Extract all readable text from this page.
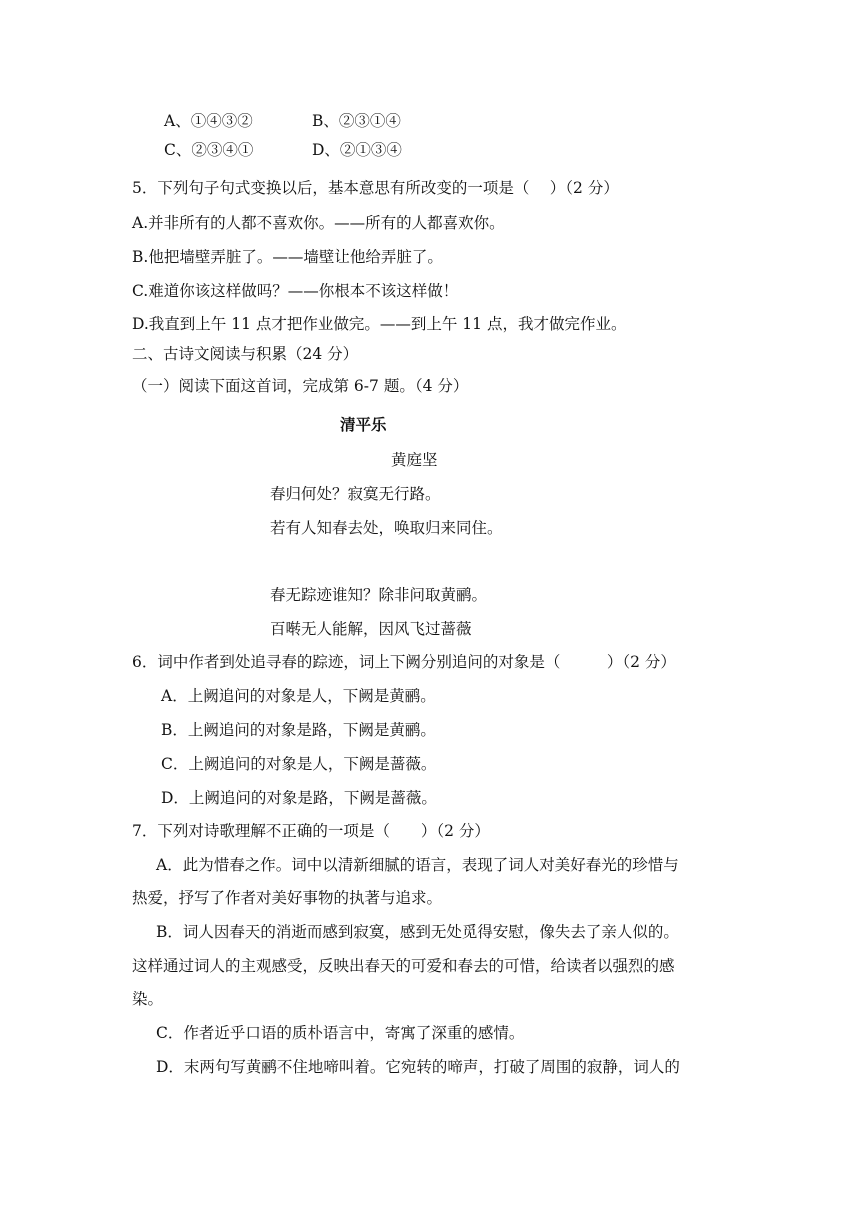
A、①④③②	B、②③①④
C、②③④①	D、②①③④
5．下列句子句式变换以后，基本意思有所改变的一项是（　 ）（2 分）
A.并非所有的人都不喜欢你。——所有的人都喜欢你。
B.他把墙壁弄脏了。——墙壁让他给弄脏了。
C.难道你该这样做吗？——你根本不该这样做！
D.我直到上午 11 点才把作业做完。——到上午 11 点，我才做完作业。
二、古诗文阅读与积累（24 分）
（一）阅读下面这首词，完成第 6-7 题。（4 分）
清平乐
黄庭坚
春归何处？寂寞无行路。
若有人知春去处，唤取归来同住。
春无踪迹谁知？除非问取黄鹂。
百啭无人能解，因风飞过蔷薇
6．词中作者到处追寻春的踪迹，词上下阙分别追问的对象是（　　　）（2 分）
A．上阙追问的对象是人，下阙是黄鹂。
B．上阙追问的对象是路，下阙是黄鹂。
C．上阙追问的对象是人，下阙是蔷薇。
D．上阙追问的对象是路，下阙是蔷薇。
7．下列对诗歌理解不正确的一项是（　　）（2 分）
A．此为惜春之作。词中以清新细腻的语言，表现了词人对美好春光的珍惜与
热爱，抒写了作者对美好事物的执著与追求。
B．词人因春天的消逝而感到寂寞，感到无处觅得安慰，像失去了亲人似的。
这样通过词人的主观感受，反映出春天的可爱和春去的可惜，给读者以强烈的感
染。
C．作者近乎口语的质朴语言中，寄寓了深重的感情。
D．末两句写黄鹂不住地啼叫着。它宛转的啼声，打破了周围的寂静，词人的
